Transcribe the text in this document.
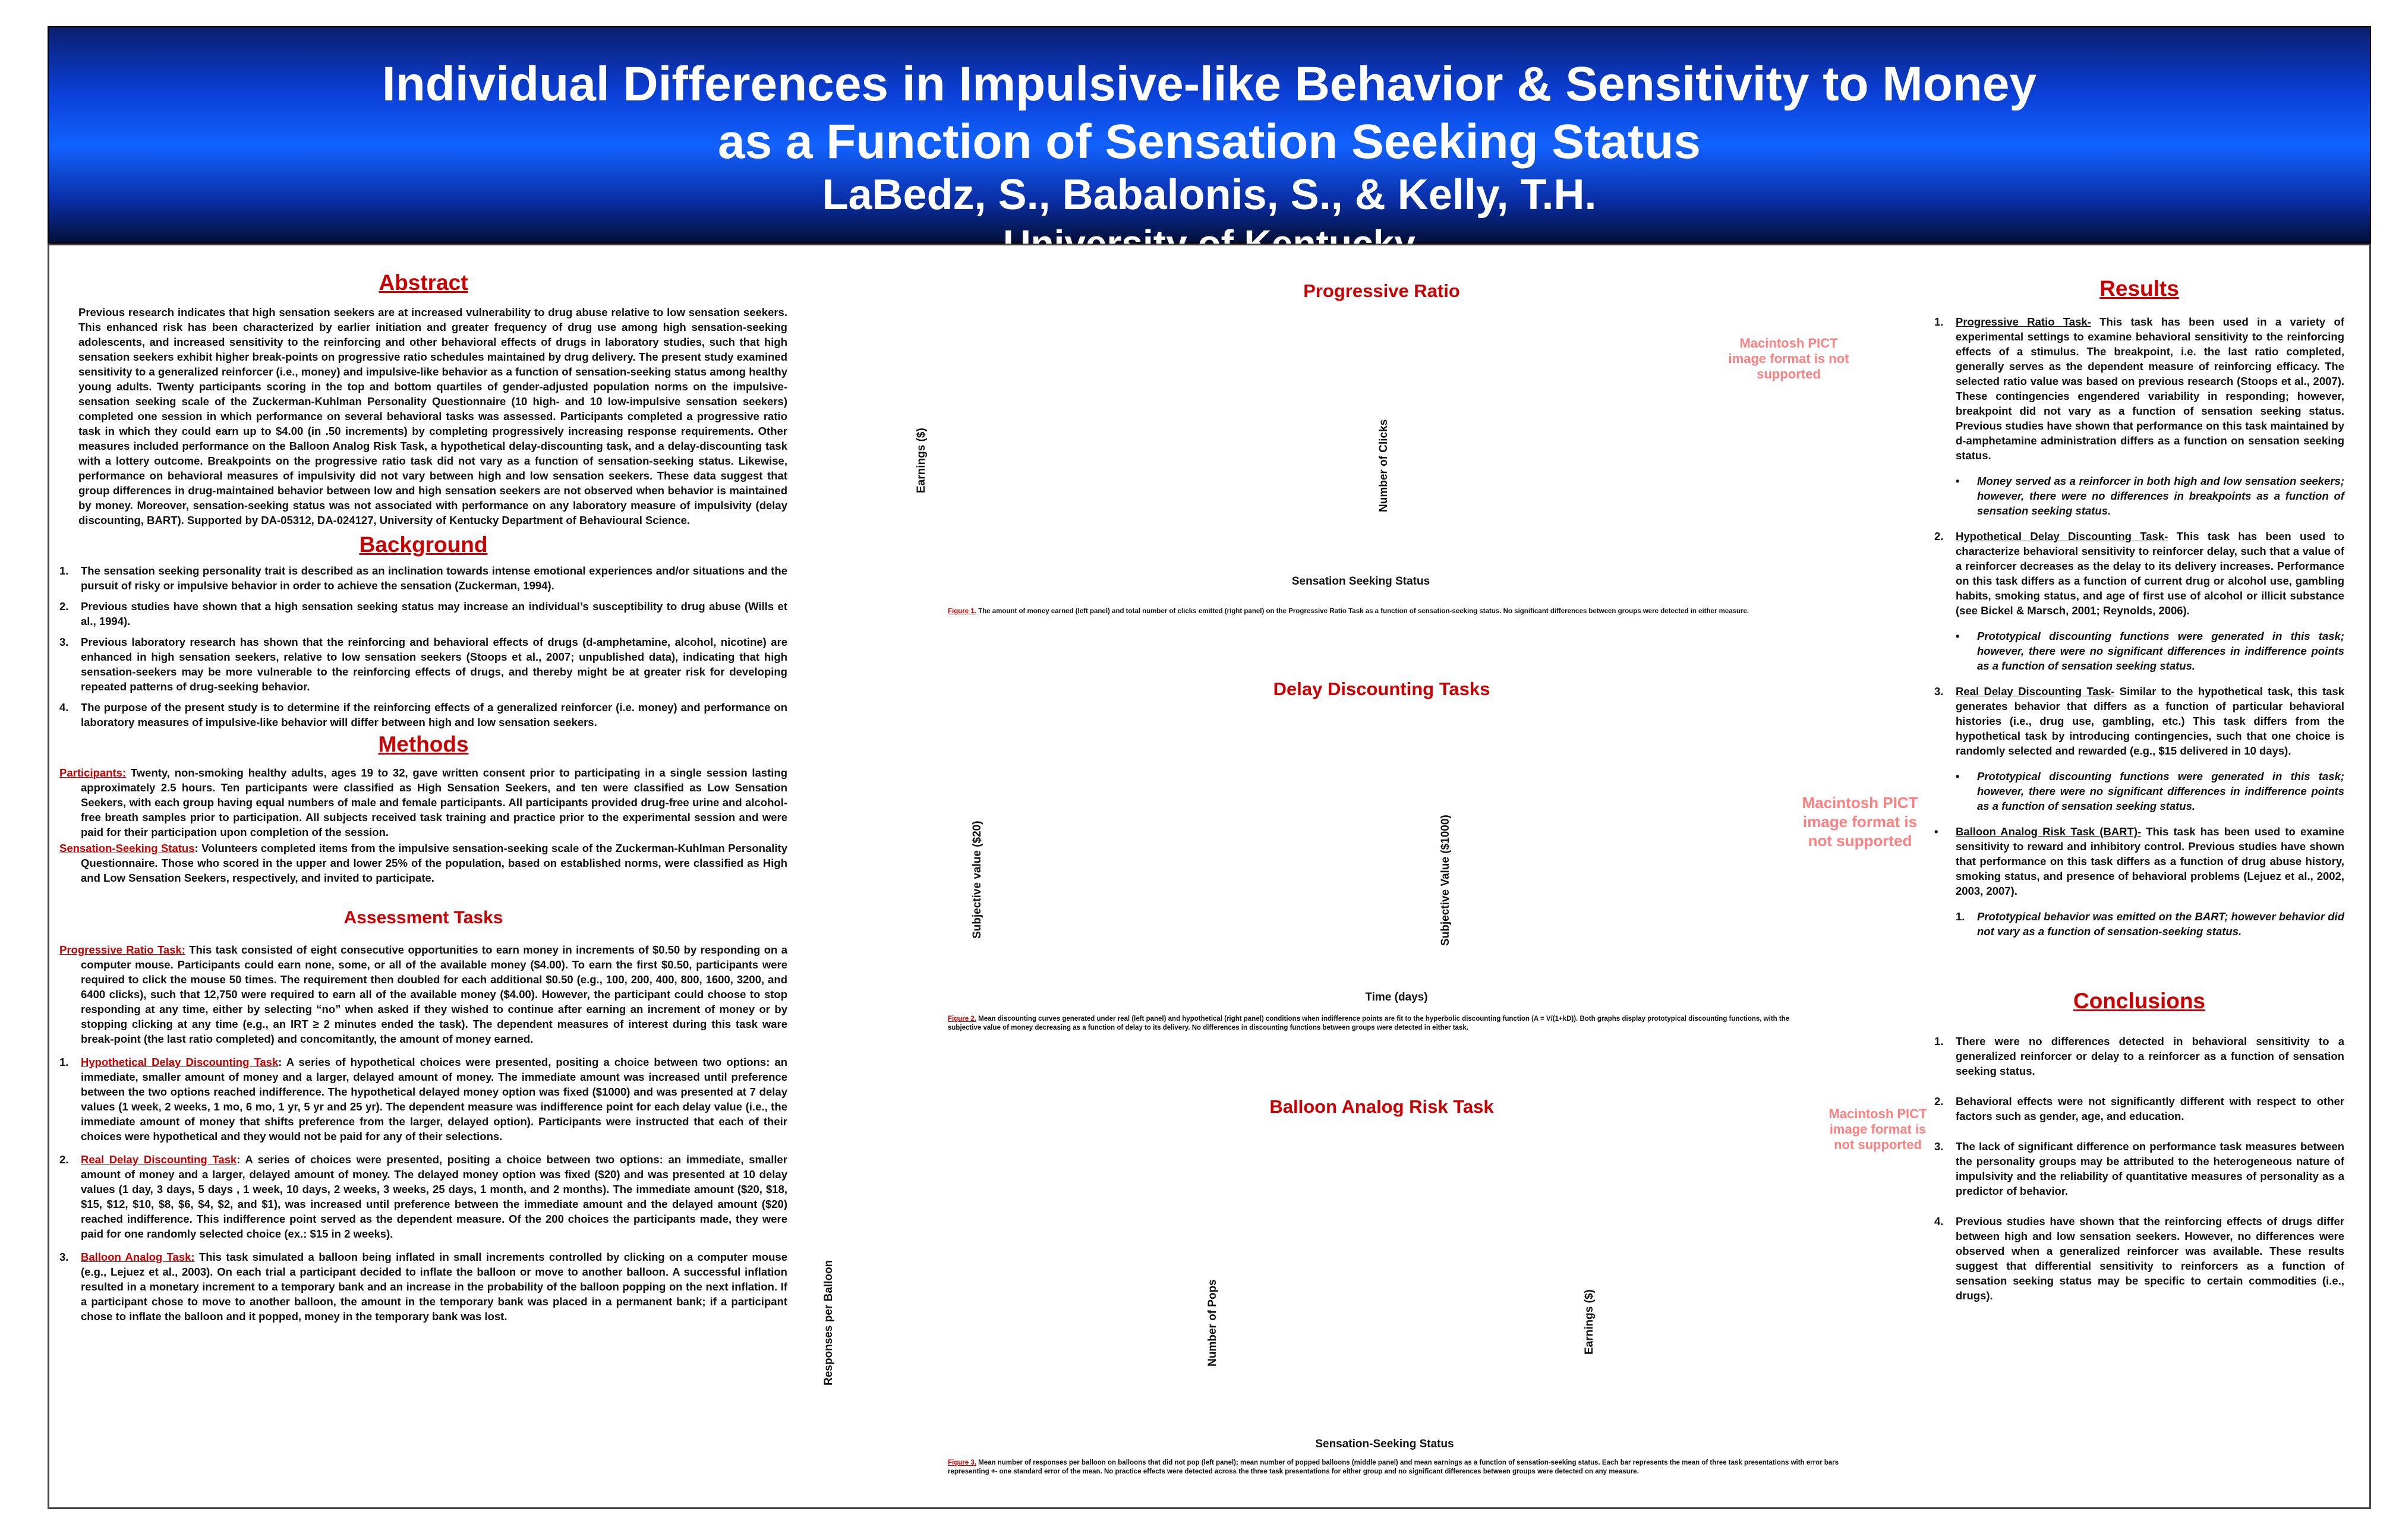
Individual Differences in Impulsive-like Behavior & Sensitivity to Money
as a Function of Sensation Seeking Status
LaBedz, S., Babalonis, S., & Kelly, T.H.
University of Kentucky
Abstract
Previous research indicates that high sensation seekers are at increased vulnerability to drug abuse relative to low sensation seekers. This enhanced risk has been characterized by earlier initiation and greater frequency of drug use among high sensation-seeking adolescents, and increased sensitivity to the reinforcing and other behavioral effects of drugs in laboratory studies, such that high sensation seekers exhibit higher break-points on progressive ratio schedules maintained by drug delivery. The present study examined sensitivity to a generalized reinforcer (i.e., money) and impulsive-like behavior as a function of sensation-seeking status among healthy young adults. Twenty participants scoring in the top and bottom quartiles of gender-adjusted population norms on the impulsive-sensation seeking scale of the Zuckerman-Kuhlman Personality Questionnaire (10 high- and 10 low-impulsive sensation seekers) completed one session in which performance on several behavioral tasks was assessed. Participants completed a progressive ratio task in which they could earn up to $4.00 (in .50 increments) by completing progressively increasing response requirements. Other measures included performance on the Balloon Analog Risk Task, a hypothetical delay-discounting task, and a delay-discounting task with a lottery outcome. Breakpoints on the progressive ratio task did not vary as a function of sensation-seeking status. Likewise, performance on behavioral measures of impulsivity did not vary between high and low sensation seekers. These data suggest that group differences in drug-maintained behavior between low and high sensation seekers are not observed when behavior is maintained by money. Moreover, sensation-seeking status was not associated with performance on any laboratory measure of impulsivity (delay discounting, BART). Supported by DA-05312, DA-024127, University of Kentucky Department of Behavioural Science.
Background
1. The sensation seeking personality trait is described as an inclination towards intense emotional experiences and/or situations and the pursuit of risky or impulsive behavior in order to achieve the sensation (Zuckerman, 1994).
2. Previous studies have shown that a high sensation seeking status may increase an individual’s susceptibility to drug abuse (Wills et al., 1994).
3. Previous laboratory research has shown that the reinforcing and behavioral effects of drugs (d-amphetamine, alcohol, nicotine) are enhanced in high sensation seekers, relative to low sensation seekers (Stoops et al., 2007; unpublished data), indicating that high sensation-seekers may be more vulnerable to the reinforcing effects of drugs, and thereby might be at greater risk for developing repeated patterns of drug-seeking behavior.
4. The purpose of the present study is to determine if the reinforcing effects of a generalized reinforcer (i.e. money) and performance on laboratory measures of impulsive-like behavior will differ between high and low sensation seekers.
Methods
Participants: Twenty, non-smoking healthy adults, ages 19 to 32, gave written consent prior to participating in a single session lasting approximately 2.5 hours. Ten participants were classified as High Sensation Seekers, and ten were classified as Low Sensation Seekers, with each group having equal numbers of male and female participants. All participants provided drug-free urine and alcohol-free breath samples prior to participation. All subjects received task training and practice prior to the experimental session and were paid for their participation upon completion of the session.
Sensation-Seeking Status: Volunteers completed items from the impulsive sensation-seeking scale of the Zuckerman-Kuhlman Personality Questionnaire. Those who scored in the upper and lower 25% of the population, based on established norms, were classified as High and Low Sensation Seekers, respectively, and invited to participate.
Assessment Tasks
Progressive Ratio Task: This task consisted of eight consecutive opportunities to earn money in increments of $0.50 by responding on a computer mouse. Participants could earn none, some, or all of the available money ($4.00). To earn the first $0.50, participants were required to click the mouse 50 times. The requirement then doubled for each additional $0.50 (e.g., 100, 200, 400, 800, 1600, 3200, and 6400 clicks), such that 12,750 were required to earn all of the available money ($4.00). However, the participant could choose to stop responding at any time, either by selecting “no” when asked if they wished to continue after earning an increment of money or by stopping clicking at any time (e.g., an IRT ≥ 2 minutes ended the task). The dependent measures of interest during this task ware break-point (the last ratio completed) and concomitantly, the amount of money earned.
1. Hypothetical Delay Discounting Task: A series of hypothetical choices were presented, positing a choice between two options: an immediate, smaller amount of money and a larger, delayed amount of money. The immediate amount was increased until preference between the two options reached indifference. The hypothetical delayed money option was fixed ($1000) and was presented at 7 delay values (1 week, 2 weeks, 1 mo, 6 mo, 1 yr, 5 yr and 25 yr). The dependent measure was indifference point for each delay value (i.e., the immediate amount of money that shifts preference from the larger, delayed option). Participants were instructed that each of their choices were hypothetical and they would not be paid for any of their selections.
2. Real Delay Discounting Task: A series of choices were presented, positing a choice between two options: an immediate, smaller amount of money and a larger, delayed amount of money. The delayed money option was fixed ($20) and was presented at 10 delay values (1 day, 3 days, 5 days , 1 week, 10 days, 2 weeks, 3 weeks, 25 days, 1 month, and 2 months). The immediate amount ($20, $18, $15, $12, $10, $8, $6, $4, $2, and $1), was increased until preference between the immediate amount and the delayed amount ($20) reached indifference. This indifference point served as the dependent measure. Of the 200 choices the participants made, they were paid for one randomly selected choice (ex.: $15 in 2 weeks).
3. Balloon Analog Task: This task simulated a balloon being inflated in small increments controlled by clicking on a computer mouse (e.g., Lejuez et al., 2003). On each trial a participant decided to inflate the balloon or move to another balloon. A successful inflation resulted in a monetary increment to a temporary bank and an increase in the probability of the balloon popping on the next inflation. If a participant chose to move to another balloon, the amount in the temporary bank was placed in a permanent bank; if a participant chose to inflate the balloon and it popped, money in the temporary bank was lost.
Progressive Ratio
Macintosh PICT image format is not supported
Earnings ($)	Number of Clicks
Sensation Seeking Status
Figure 1. The amount of money earned (left panel) and total number of clicks emitted (right panel) on the Progressive Ratio Task as a function of sensation-seeking status. No significant differences between groups were detected in either measure.
Delay Discounting Tasks
Macintosh PICT image format is not supported
Subjective value ($20)	Subjective Value ($1000)
Time (days)
Figure 2. Mean discounting curves generated under real (left panel) and hypothetical (right panel) conditions when indifference points are fit to the hyperbolic discounting function (A = V/(1+kD)). Both graphs display prototypical discounting functions, with the subjective value of money decreasing as a function of delay to its delivery. No differences in discounting functions between groups were detected in either task.
Balloon Analog Risk Task	Macintosh PICT image format is not supported
Responses per Balloon	Number of Pops	Earnings ($)
Sensation-Seeking Status
Figure 3. Mean number of responses per balloon on balloons that did not pop (left panel); mean number of popped balloons (middle panel) and mean earnings as a function of sensation-seeking status. Each bar represents the mean of three task presentations with error bars representing +- one standard error of the mean. No practice effects were detected across the three task presentations for either group and no significant differences between groups were detected on any measure.
Results
1. Progressive Ratio Task- This task has been used in a variety of experimental settings to examine behavioral sensitivity to the reinforcing effects of a stimulus. The breakpoint, i.e. the last ratio completed, generally serves as the dependent measure of reinforcing efficacy. The selected ratio value was based on previous research (Stoops et al., 2007). These contingencies engendered variability in responding; however, breakpoint did not vary as a function of sensation seeking status. Previous studies have shown that performance on this task maintained by d-amphetamine administration differs as a function on sensation seeking status.
• Money served as a reinforcer in both high and low sensation seekers; however, there were no differences in breakpoints as a function of sensation seeking status.
2. Hypothetical Delay Discounting Task- This task has been used to characterize behavioral sensitivity to reinforcer delay, such that a value of a reinforcer decreases as the delay to its delivery increases. Performance on this task differs as a function of current drug or alcohol use, gambling habits, smoking status, and age of first use of alcohol or illicit substance (see Bickel & Marsch, 2001; Reynolds, 2006).
• Prototypical discounting functions were generated in this task; however, there were no significant differences in indifference points as a function of sensation seeking status.
3. Real Delay Discounting Task- Similar to the hypothetical task, this task generates behavior that differs as a function of particular behavioral histories (i.e., drug use, gambling, etc.) This task differs from the hypothetical task by introducing contingencies, such that one choice is randomly selected and rewarded (e.g., $15 delivered in 10 days).
• Prototypical discounting functions were generated in this task; however, there were no significant differences in indifference points as a function of sensation seeking status.
• Balloon Analog Risk Task (BART)- This task has been used to examine sensitivity to reward and inhibitory control. Previous studies have shown that performance on this task differs as a function of drug abuse history, smoking status, and presence of behavioral problems (Lejuez et al., 2002, 2003, 2007).
1. Prototypical behavior was emitted on the BART; however behavior did not vary as a function of sensation-seeking status.
Conclusions
1. There were no differences detected in behavioral sensitivity to a generalized reinforcer or delay to a reinforcer as a function of sensation seeking status.
2. Behavioral effects were not significantly different with respect to other factors such as gender, age, and education.
3. The lack of significant difference on performance task measures between the personality groups may be attributed to the heterogeneous nature of impulsivity and the reliability of quantitative measures of personality as a predictor of behavior.
4. Previous studies have shown that the reinforcing effects of drugs differ between high and low sensation seekers. However, no differences were observed when a generalized reinforcer was available. These results suggest that differential sensitivity to reinforcers as a function of sensation seeking status may be specific to certain commodities (i.e., drugs).
